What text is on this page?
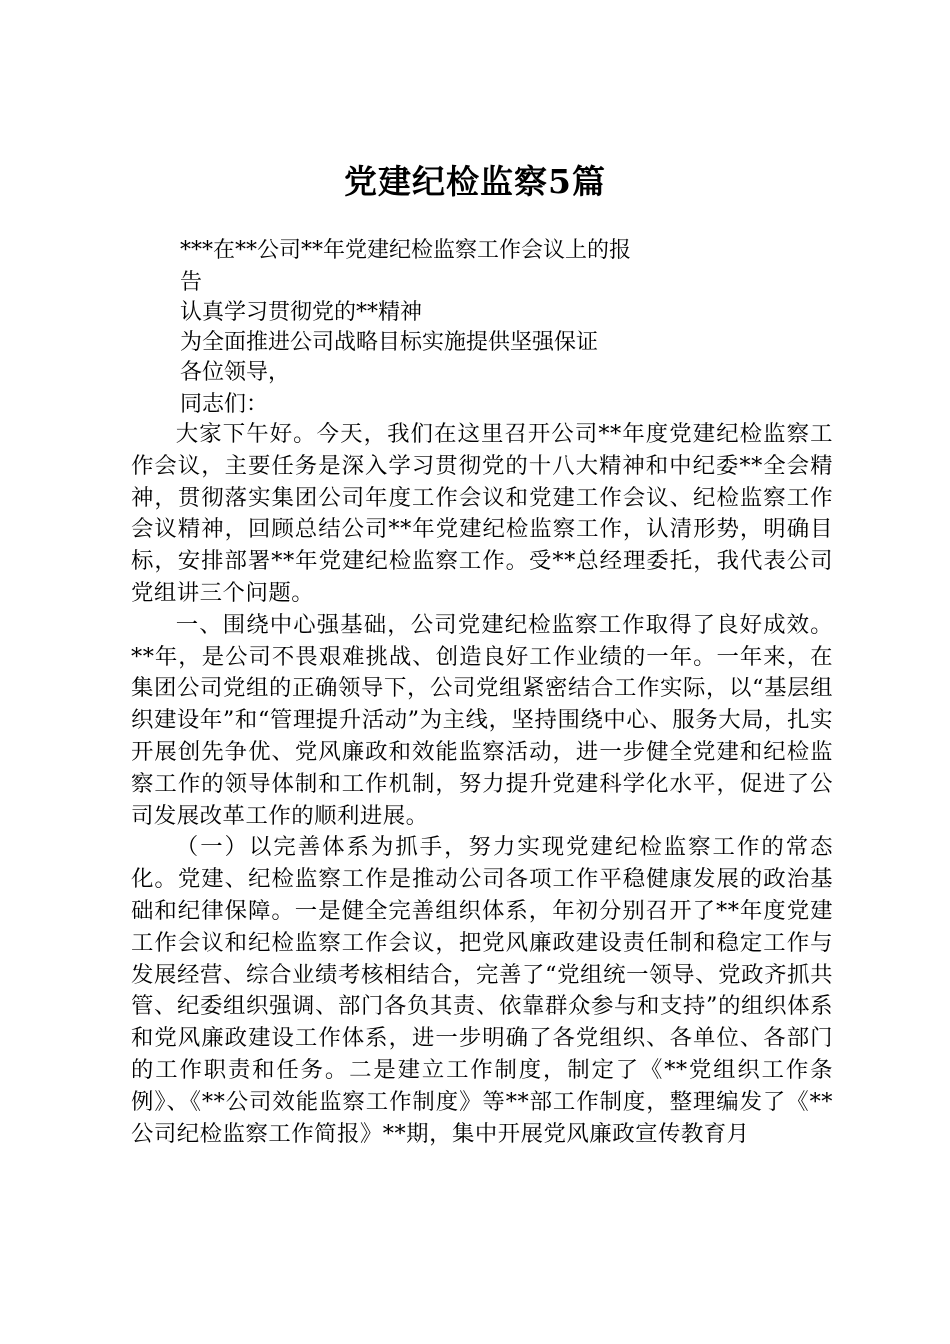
党建纪检监察5篇
***在**公司**年党建纪检监察工作会议上的报
告
认真学习贯彻党的**精神
为全面推进公司战略目标实施提供坚强保证
各位领导，
同志们：

大家下午好。今天，我们在这里召开公司**年度党建纪检监察工作会议，主要任务是深入学习贯彻党的十八大精神和中纪委**全会精神，贯彻落实集团公司年度工作会议和党建工作会议、纪检监察工作会议精神，回顾总结公司**年党建纪检监察工作，认清形势，明确目标，安排部署**年党建纪检监察工作。受**总经理委托，我代表公司党组讲三个问题。

一、围绕中心强基础，公司党建纪检监察工作取得了良好成效。**年，是公司不畏艰难挑战、创造良好工作业绩的一年。一年来，在集团公司党组的正确领导下，公司党组紧密结合工作实际，以“基层组织建设年”和“管理提升活动”为主线，坚持围绕中心、服务大局，扎实开展创先争优、党风廉政和效能监察活动，进一步健全党建和纪检监察工作的领导体制和工作机制，努力提升党建科学化水平，促进了公司发展改革工作的顺利进展。

（一）以完善体系为抓手，努力实现党建纪检监察工作的常态化。党建、纪检监察工作是推动公司各项工作平稳健康发展的政治基础和纪律保障。一是健全完善组织体系，年初分别召开了**年度党建工作会议和纪检监察工作会议，把党风廉政建设责任制和稳定工作与发展经营、综合业绩考核相结合，完善了“党组统一领导、党政齐抓共管、纪委组织强调、部门各负其责、依靠群众参与和支持”的组织体系和党风廉政建设工作体系，进一步明确了各党组织、各单位、各部门的工作职责和任务。二是建立工作制度，制定了《**党组织工作条例》、《**公司效能监察工作制度》等**部工作制度，整理编发了《**公司纪检监察工作简报》**期，集中开展党风廉政宣传教育月
